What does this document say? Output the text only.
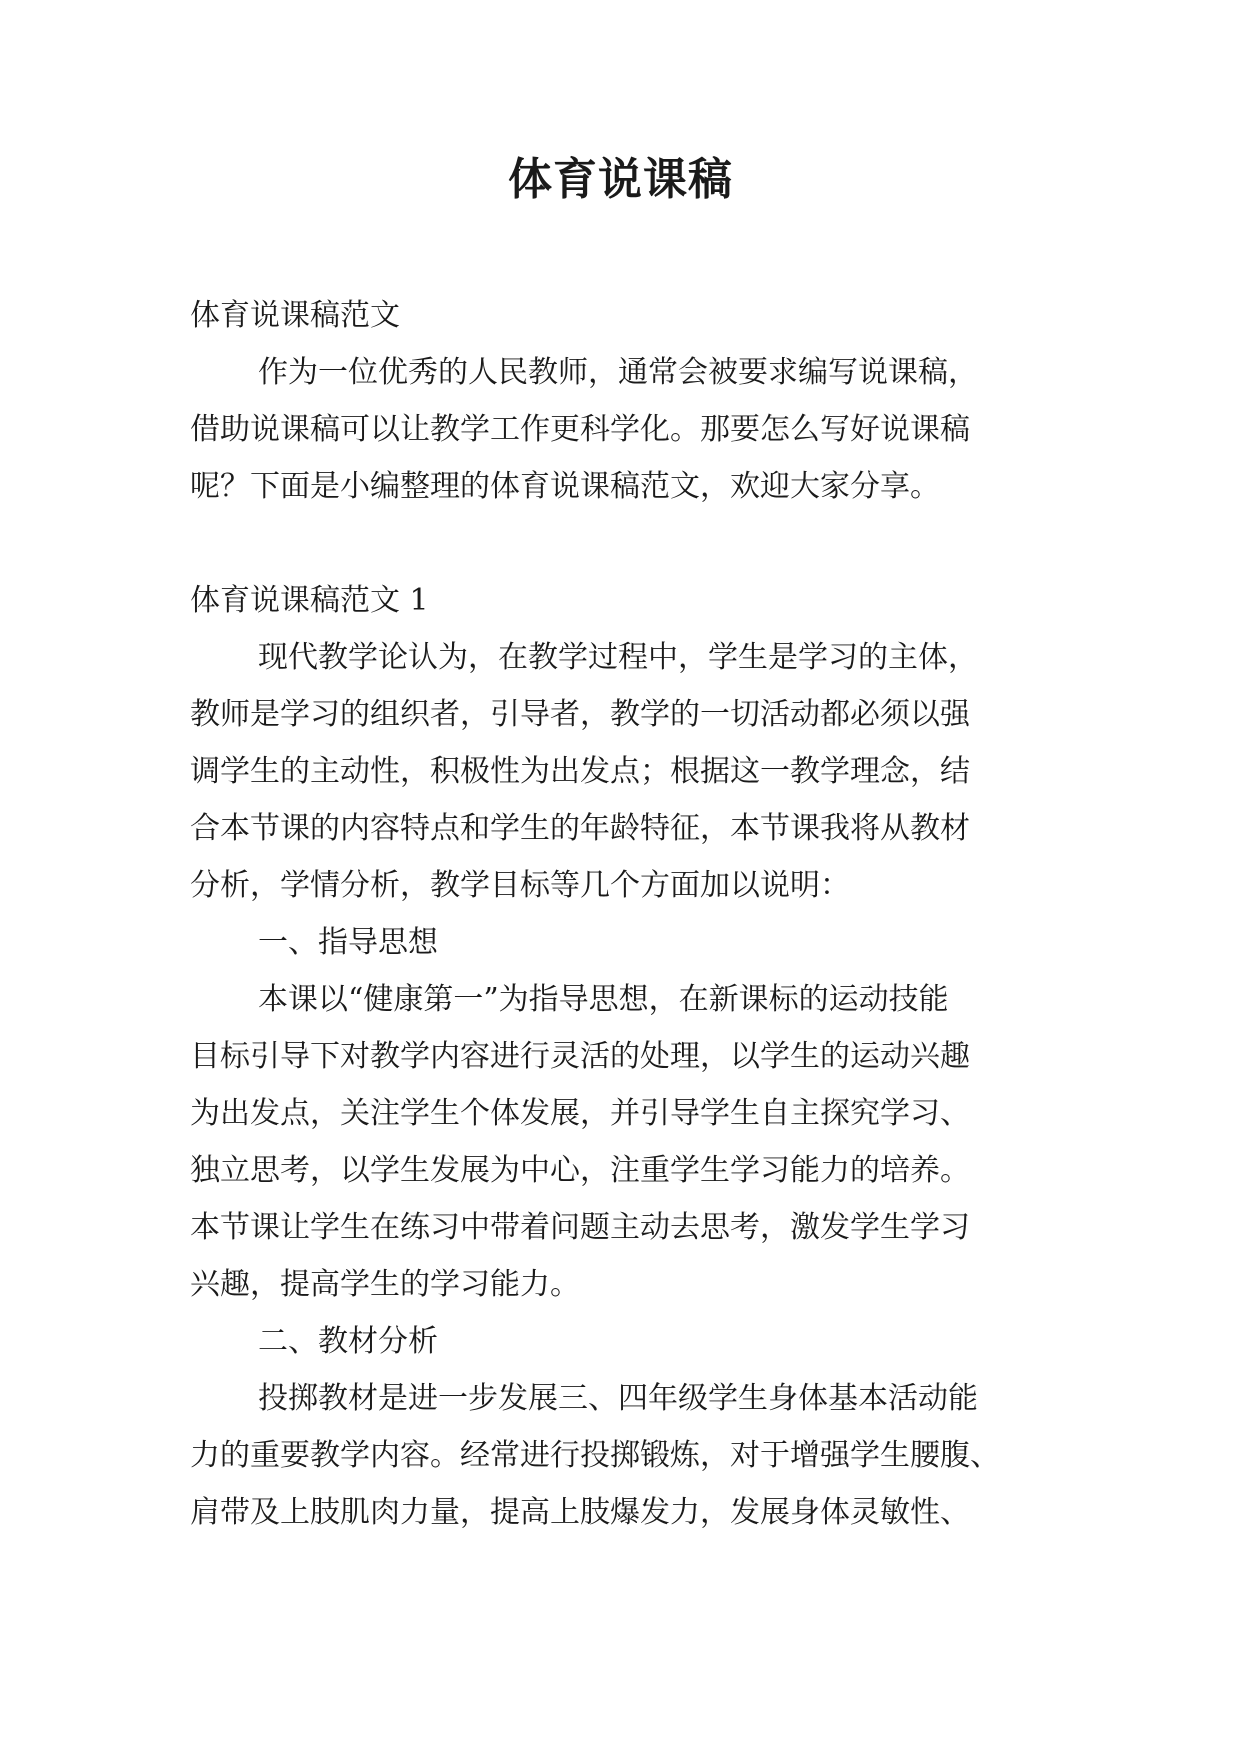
体育说课稿

体育说课稿范文

作为一位优秀的人民教师，通常会被要求编写说课稿，

借助说课稿可以让教学工作更科学化。那要怎么写好说课稿

呢？下面是小编整理的体育说课稿范文，欢迎大家分享。

体育说课稿范文 1

现代教学论认为，在教学过程中，学生是学习的主体，

教师是学习的组织者，引导者，教学的一切活动都必须以强

调学生的主动性，积极性为出发点；根据这一教学理念，结

合本节课的内容特点和学生的年龄特征，本节课我将从教材

分析，学情分析，教学目标等几个方面加以说明：

一、指导思想

本课以“健康第一”为指导思想，在新课标的运动技能

目标引导下对教学内容进行灵活的处理，以学生的运动兴趣

为出发点，关注学生个体发展，并引导学生自主探究学习、

独立思考，以学生发展为中心，注重学生学习能力的培养。

本节课让学生在练习中带着问题主动去思考，激发学生学习

兴趣，提高学生的学习能力。

二、教材分析

投掷教材是进一步发展三、四年级学生身体基本活动能

力的重要教学内容。经常进行投掷锻炼，对于增强学生腰腹、

肩带及上肢肌肉力量，提高上肢爆发力，发展身体灵敏性、
